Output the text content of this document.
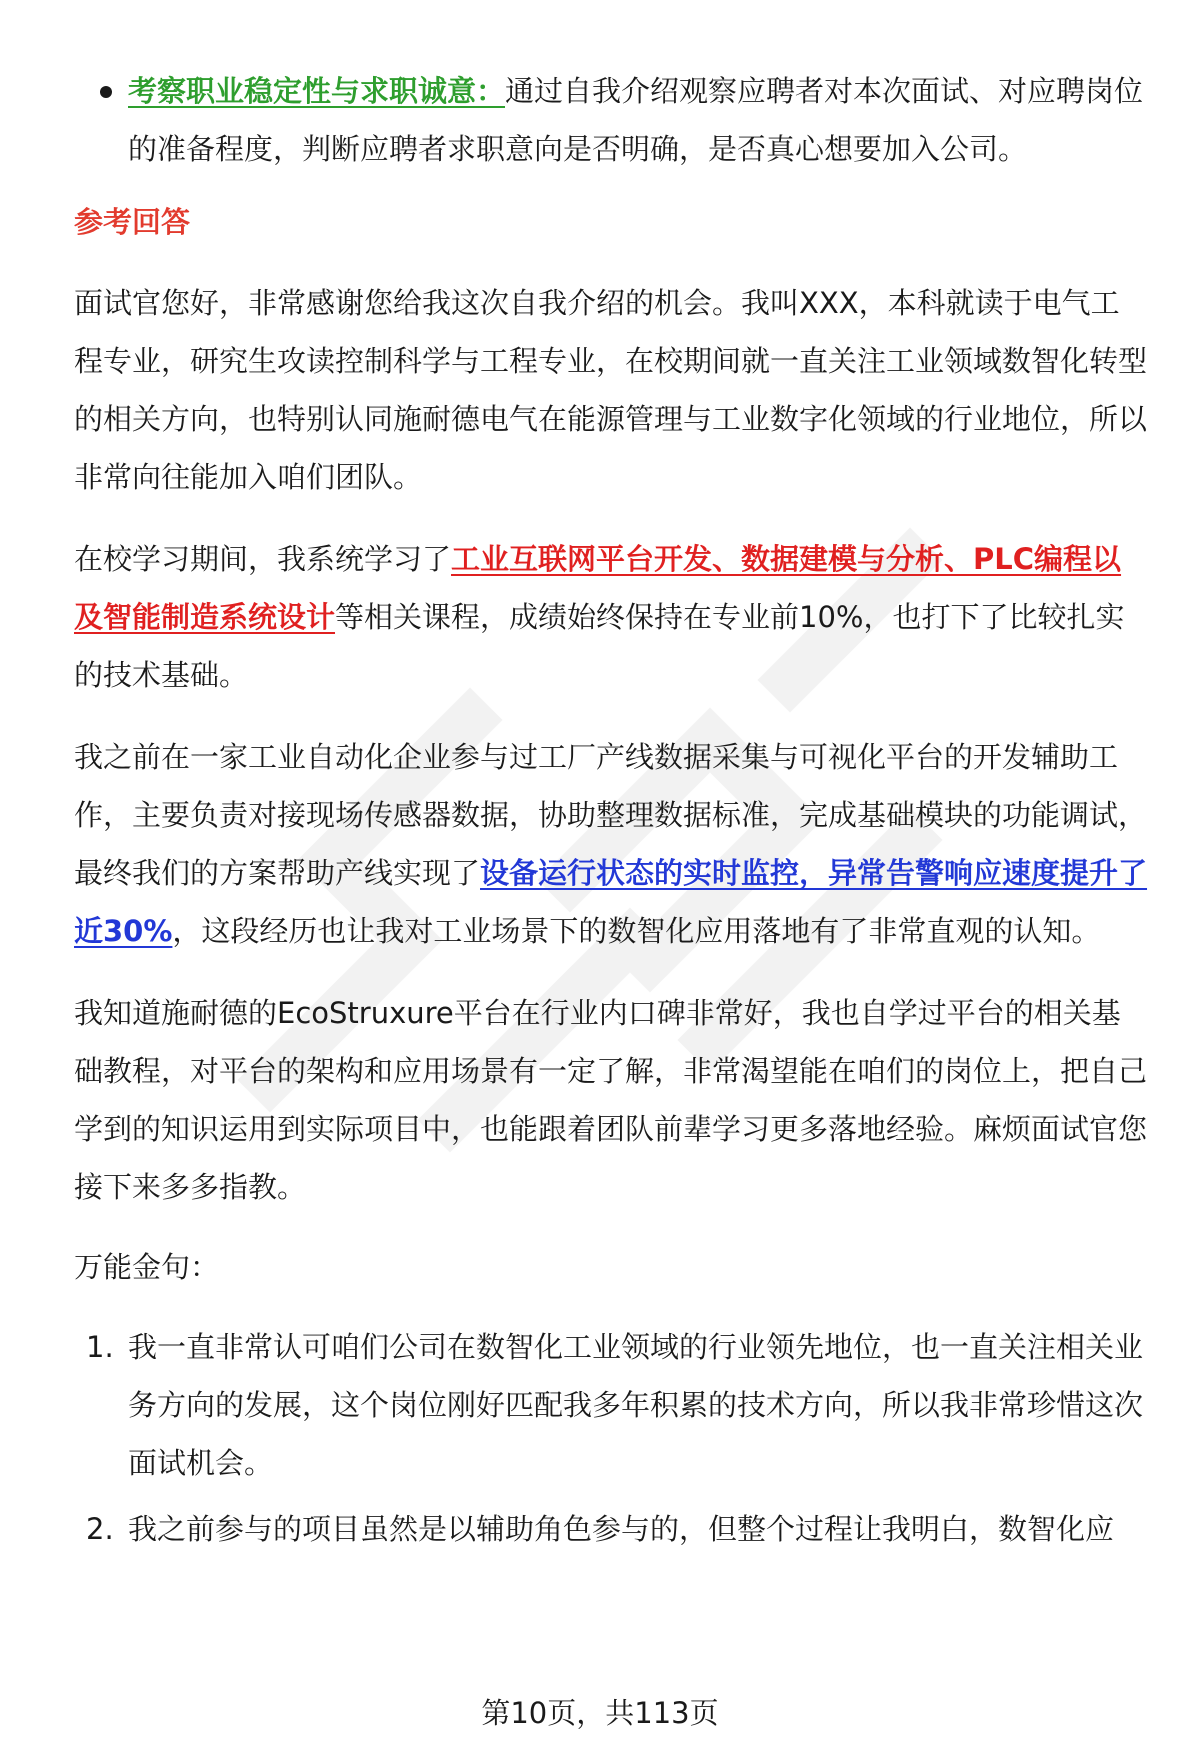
考察职业稳定性与求职诚意：通过自我介绍观察应聘者对本次面试、对应聘岗位的准备程度，判断应聘者求职意向是否明确，是否真心想要加入公司。
参考回答
面试官您好，非常感谢您给我这次自我介绍的机会。我叫XXX，本科就读于电气工程专业，研究生攻读控制科学与工程专业，在校期间就一直关注工业领域数智化转型的相关方向，也特别认同施耐德电气在能源管理与工业数字化领域的行业地位，所以非常向往能加入咱们团队。
在校学习期间，我系统学习了工业互联网平台开发、数据建模与分析、PLC编程以及智能制造系统设计等相关课程，成绩始终保持在专业前10%，也打下了比较扎实的技术基础。
我之前在一家工业自动化企业参与过工厂产线数据采集与可视化平台的开发辅助工作，主要负责对接现场传感器数据，协助整理数据标准，完成基础模块的功能调试，最终我们的方案帮助产线实现了设备运行状态的实时监控，异常告警响应速度提升了近30%，这段经历也让我对工业场景下的数智化应用落地有了非常直观的认知。
我知道施耐德的EcoStruxure平台在行业内口碑非常好，我也自学过平台的相关基础教程，对平台的架构和应用场景有一定了解，非常渴望能在咱们的岗位上，把自己学到的知识运用到实际项目中，也能跟着团队前辈学习更多落地经验。麻烦面试官您接下来多多指教。
万能金句：
1. 我一直非常认可咱们公司在数智化工业领域的行业领先地位，也一直关注相关业务方向的发展，这个岗位刚好匹配我多年积累的技术方向，所以我非常珍惜这次面试机会。
2. 我之前参与的项目虽然是以辅助角色参与的，但整个过程让我明白，数智化应
第10页，共113页
